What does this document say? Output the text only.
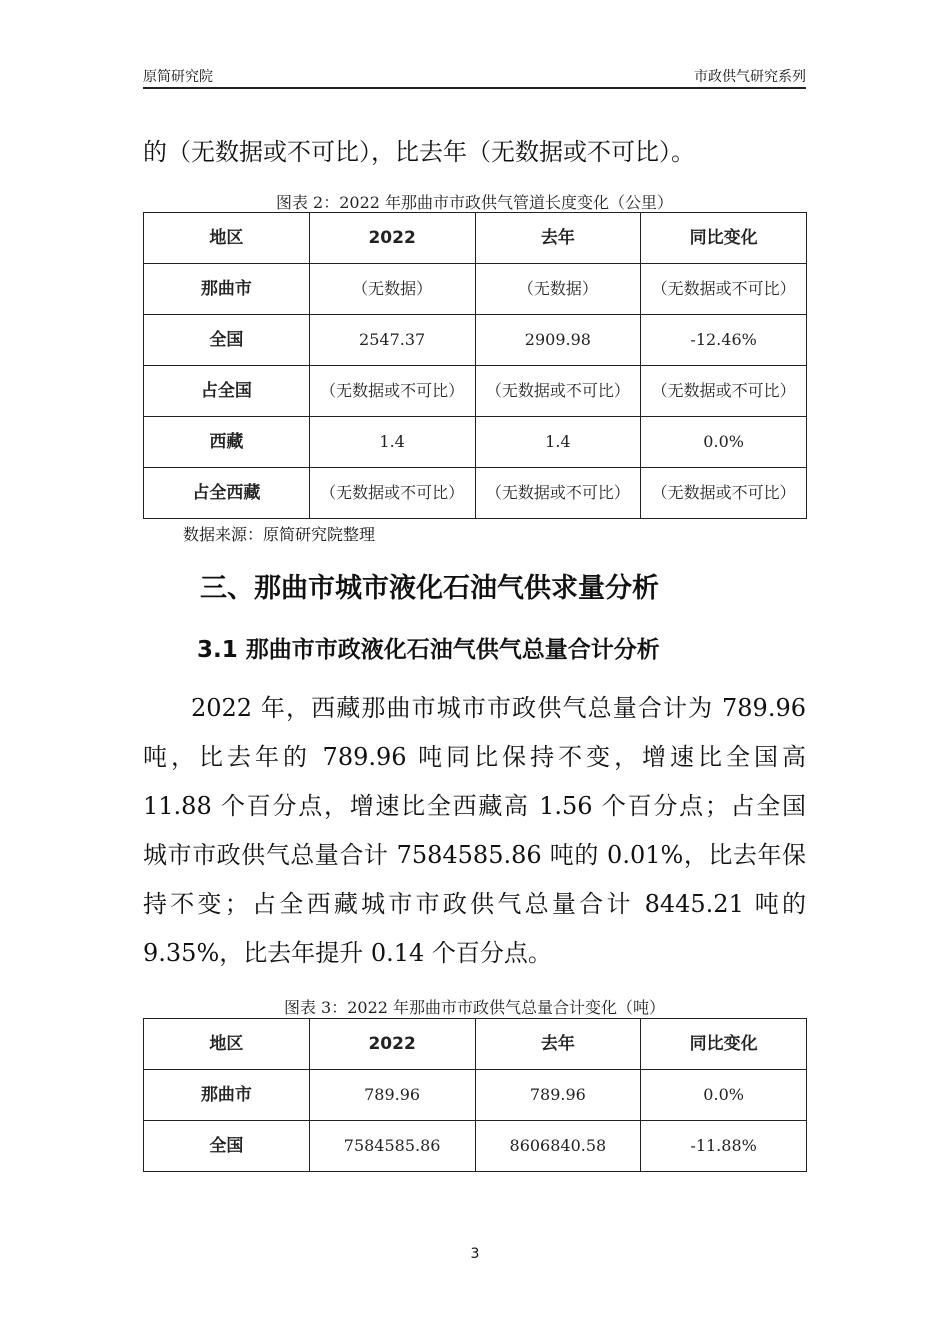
原简研究院	市政供气研究系列
的（无数据或不可比），比去年（无数据或不可比）。
图表 2：2022 年那曲市市政供气管道长度变化（公里）
地区	2022	去年	同比变化
那曲市	（无数据）	（无数据）	（无数据或不可比）
全国	2547.37	2909.98	-12.46%
占全国	（无数据或不可比）	（无数据或不可比）	（无数据或不可比）
西藏	1.4	1.4	0.0%
占全西藏	（无数据或不可比）	（无数据或不可比）	（无数据或不可比）
数据来源：原简研究院整理
三、那曲市城市液化石油气供求量分析
3.1 那曲市市政液化石油气供气总量合计分析
2022 年，西藏那曲市城市市政供气总量合计为 789.96
吨，比去年的 789.96 吨同比保持不变，增速比全国高
11.88 个百分点，增速比全西藏高 1.56 个百分点；占全国
城市市政供气总量合计 7584585.86 吨的 0.01%，比去年保
持不变；占全西藏城市市政供气总量合计 8445.21 吨的
9.35%，比去年提升 0.14 个百分点。
图表 3：2022 年那曲市市政供气总量合计变化（吨）
地区	2022	去年	同比变化
那曲市	789.96	789.96	0.0%
全国	7584585.86	8606840.58	-11.88%
3
